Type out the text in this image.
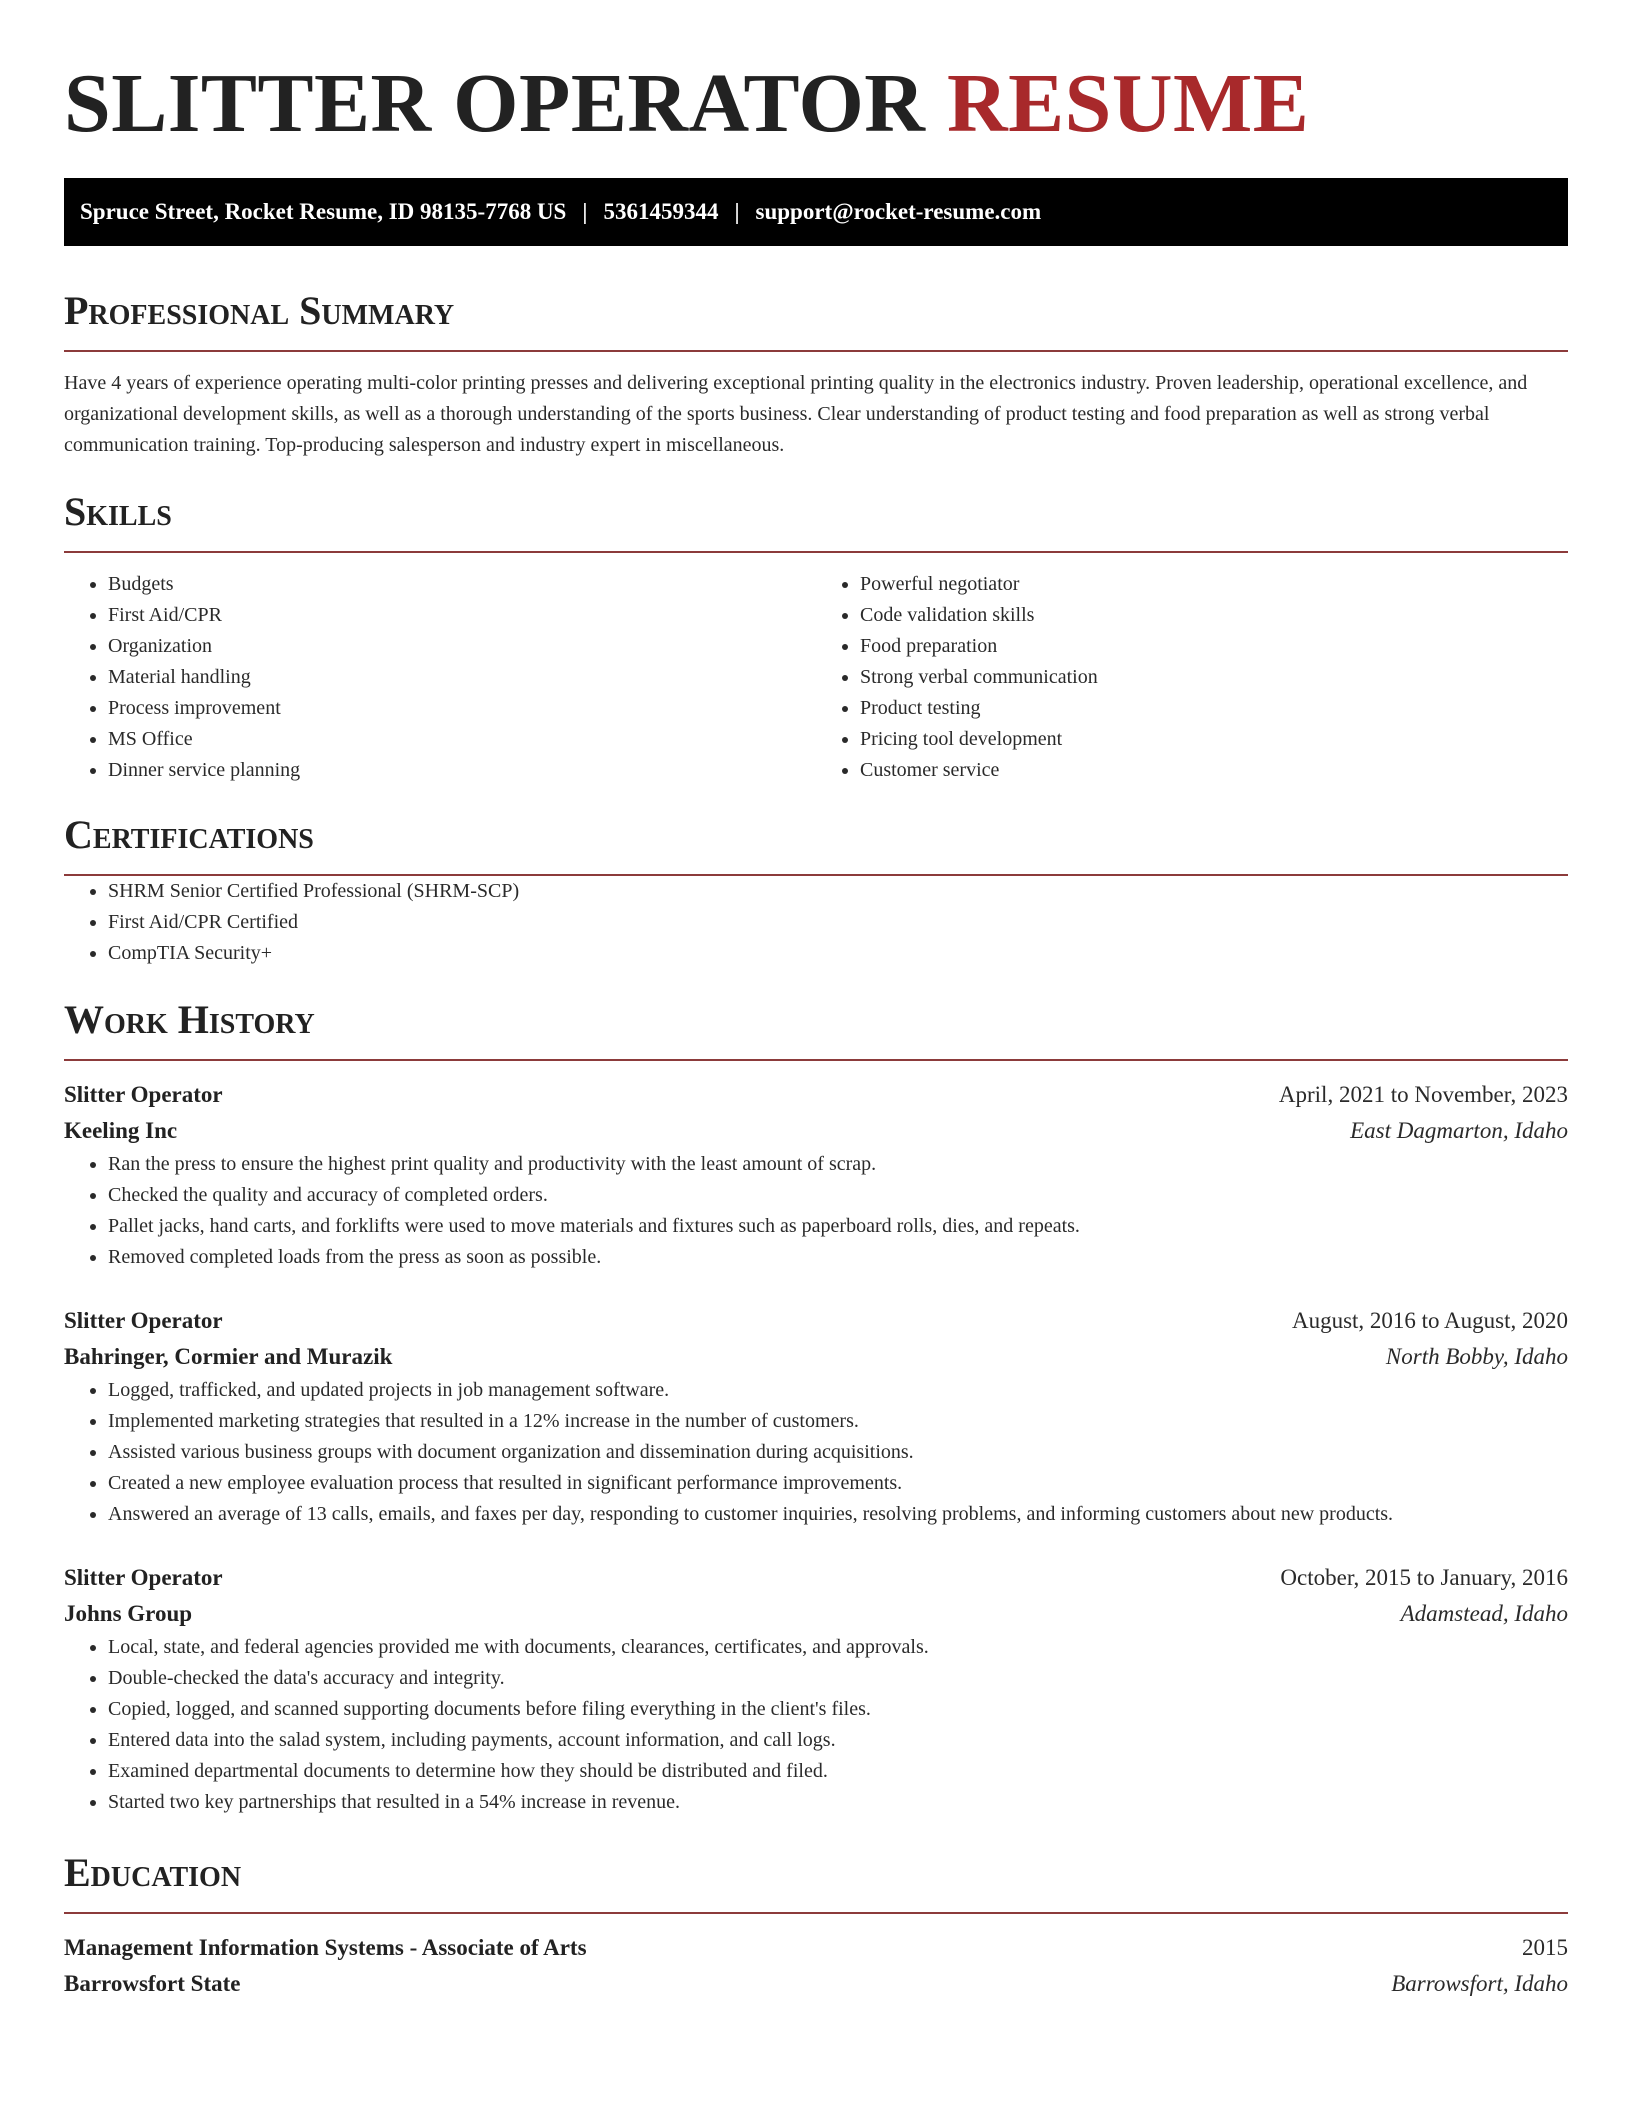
SLITTER OPERATOR RESUME
Spruce Street, Rocket Resume, ID 98135-7768 US | 5361459344 | support@rocket-resume.com
Professional Summary

Have 4 years of experience operating multi-color printing presses and delivering exceptional printing quality in the electronics industry. Proven leadership, operational excellence, and organizational development skills, as well as a thorough understanding of the sports business. Clear understanding of product testing and food preparation as well as strong verbal communication training. Top-producing salesperson and industry expert in miscellaneous.

Skills
• Budgets
• First Aid/CPR
• Organization
• Material handling
• Process improvement
• MS Office
• Dinner service planning
• Powerful negotiator
• Code validation skills
• Food preparation
• Strong verbal communication
• Product testing
• Pricing tool development
• Customer service
Certifications
• SHRM Senior Certified Professional (SHRM-SCP)
• First Aid/CPR Certified
• CompTIA Security+
Work History
Slitter Operator	April, 2021 to November, 2023
Keeling Inc	East Dagmarton, Idaho
• Ran the press to ensure the highest print quality and productivity with the least amount of scrap.
• Checked the quality and accuracy of completed orders.
• Pallet jacks, hand carts, and forklifts were used to move materials and fixtures such as paperboard rolls, dies, and repeats.
• Removed completed loads from the press as soon as possible.
Slitter Operator	August, 2016 to August, 2020
Bahringer, Cormier and Murazik	North Bobby, Idaho
• Logged, trafficked, and updated projects in job management software.
• Implemented marketing strategies that resulted in a 12% increase in the number of customers.
• Assisted various business groups with document organization and dissemination during acquisitions.
• Created a new employee evaluation process that resulted in significant performance improvements.
• Answered an average of 13 calls, emails, and faxes per day, responding to customer inquiries, resolving problems, and informing customers about new products.
Slitter Operator	October, 2015 to January, 2016
Johns Group	Adamstead, Idaho
• Local, state, and federal agencies provided me with documents, clearances, certificates, and approvals.
• Double-checked the data's accuracy and integrity.
• Copied, logged, and scanned supporting documents before filing everything in the client's files.
• Entered data into the salad system, including payments, account information, and call logs.
• Examined departmental documents to determine how they should be distributed and filed.
• Started two key partnerships that resulted in a 54% increase in revenue.
Education
Management Information Systems - Associate of Arts	2015
Barrowsfort State	Barrowsfort, Idaho
